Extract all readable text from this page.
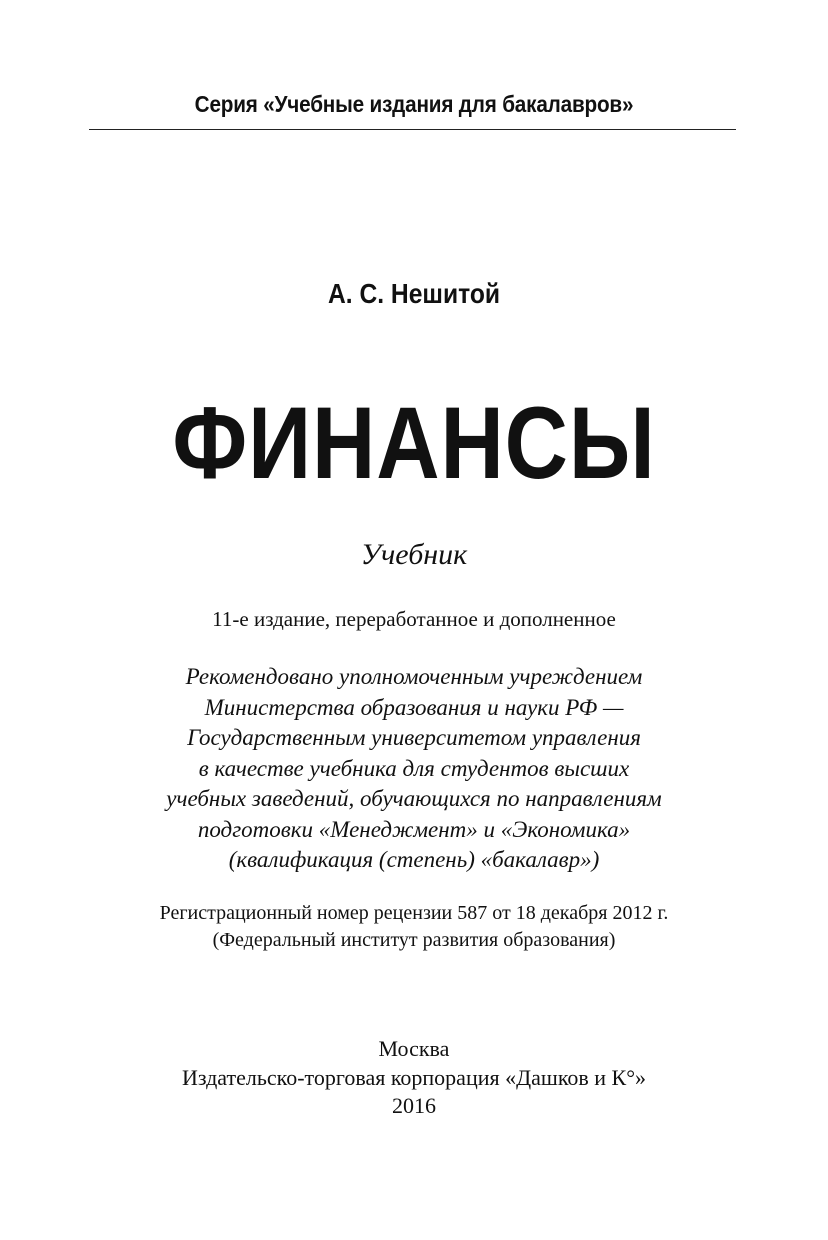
Серия «Учебные издания для бакалавров»
А. С. Нешитой
ФИНАНСЫ
Учебник
11-е издание, переработанное и дополненное
Рекомендовано уполномоченным учреждением
Министерства образования и науки РФ —
Государственным университетом управления
в качестве учебника для студентов высших
учебных заведений, обучающихся по направлениям
подготовки «Менеджмент» и «Экономика»
(квалификация (степень) «бакалавр»)
Регистрационный номер рецензии 587 от 18 декабря 2012 г.
(Федеральный институт развития образования)
Москва
Издательско-торговая корпорация «Дашков и К°»
2016
